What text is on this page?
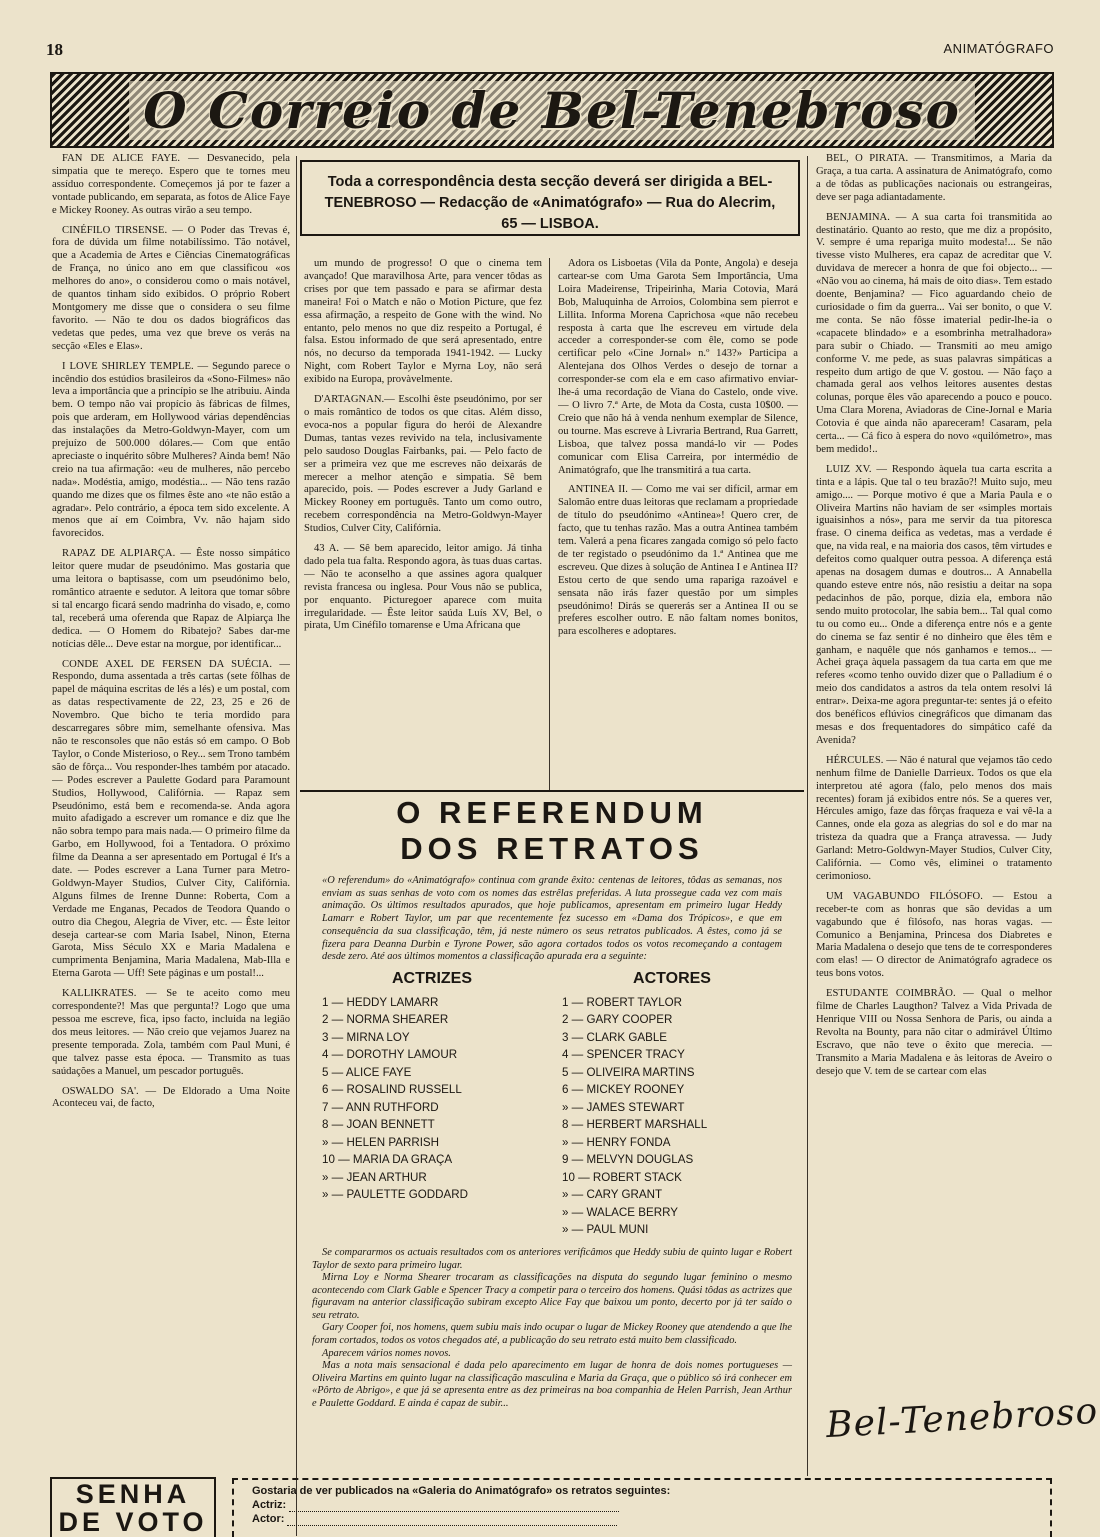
18	ANIMATÓGRAFO
O Correio de Bel-Tenebroso
Toda a correspondência desta secção deverá ser dirigida a BEL-TENEBROSO — Redacção de «Animatógrafo» — Rua do Alecrim, 65 — LISBOA.

FAN DE ALICE FAYE. — Desvanecido, pela simpatia que te mereço. Espero que te tornes meu assíduo correspondente. Começemos já por te fazer a vontade publicando, em separata, as fotos de Alice Faye e Mickey Rooney. As outras virão a seu tempo.

CINÉFILO TIRSENSE. — O Poder das Trevas é, fora de dúvida um filme notabilíssimo. Tão notável, que a Academia de Artes e Ciências Cinematográficas de França, no único ano em que classificou «os melhores do ano», o considerou como o mais notável, de quantos tinham sido exibidos. O próprio Robert Montgomery me disse que o considera o seu filme favorito. — Não te dou os dados biográficos das vedetas que pedes, uma vez que breve os verás na secção «Eles e Elas».

I LOVE SHIRLEY TEMPLE. — Segundo parece o incêndio dos estúdios brasileiros da «Sono-Filmes» não leva a importância que a princípio se lhe atribuiu. Ainda bem. O tempo não vai propício às fábricas de filmes, pois que arderam, em Hollywood várias dependências das instalações da Metro-Goldwyn-Mayer, com um prejuízo de 500.000 dólares.— Com que então apreciaste o inquérito sôbre Mulheres? Ainda bem! Não creio na tua afirmação: «eu de mulheres, não percebo nada». Modéstia, amigo, modéstia... — Não tens razão quando me dizes que os filmes êste ano «te não estão a agradar». Pelo contrário, a época tem sido excelente. A menos que aí em Coimbra, Vv. não hajam sido favorecidos.

RAPAZ DE ALPIARÇA. — Êste nosso simpático leitor quere mudar de pseudónimo. Mas gostaria que uma leitora o baptisasse, com um pseudónimo belo, romântico atraente e sedutor. A leitora que tomar sôbre si tal encargo ficará sendo madrinha do visado, e, como tal, receberá uma oferenda que Rapaz de Alpiarça lhe dedica. — O Homem do Ribatejo? Sabes dar-me notícias dêle... Deve estar na morgue, por identificar...

CONDE AXEL DE FERSEN DA SUÉCIA. — Respondo, duma assentada a três cartas (sete fôlhas de papel de máquina escritas de lés a lés) e um postal, com as datas respectivamente de 22, 23, 25 e 26 de Novembro. Que bicho te teria mordido para descarregares sôbre mim, semelhante ofensiva. Mas não te resconsoles que não estás só em campo. O Bob Taylor, o Conde Misterioso, o Rey... sem Trono também são de fôrça... Vou responder-lhes também por atacado. — Podes escrever a Paulette Godard para Paramount Studios, Hollywood, Califórnia. — Rapaz sem Pseudónimo, está bem e recomenda-se. Anda agora muito afadigado a escrever um romance e diz que lhe não sobra tempo para mais nada.— O primeiro filme da Garbo, em Hollywood, foi a Tentadora. O próximo filme da Deanna a ser apresentado em Portugal é It's a date. — Podes escrever a Lana Turner para Metro-Goldwyn-Mayer Studios, Culver City, Califórnia. Alguns filmes de Irenne Dunne: Roberta, Com a Verdade me Enganas, Pecados de Teodora Quando o outro dia Chegou, Alegria de Viver, etc. — Êste leitor deseja cartear-se com Maria Isabel, Ninon, Eterna Garota, Miss Século XX e Maria Madalena e cumprimenta Benjamina, Maria Madalena, Mab-Illa e Eterna Garota — Uff! Sete páginas e um postal!...

KALLIKRATES. — Se te aceito como meu correspondente?! Mas que pergunta!? Logo que uma pessoa me escreve, fica, ipso facto, incluida na legião dos meus leitores. — Não creio que vejamos Juarez na presente temporada. Zola, também com Paul Muni, é que talvez passe esta época. — Transmito as tuas saúdações a Manuel, um pescador português.

OSWALDO SA'. — De Eldorado a Uma Noite Aconteceu vai, de facto,

um mundo de progresso! O que o cinema tem avançado! Que maravilhosa Arte, para vencer tôdas as crises por que tem passado e para se afirmar desta maneira! Foi o Match e não o Motion Picture, que fez essa afirmação, a respeito de Gone with the wind. No entanto, pelo menos no que diz respeito a Portugal, é falsa. Estou informado de que será apresentado, entre nós, no decurso da temporada 1941-1942. — Lucky Night, com Robert Taylor e Myrna Loy, não será exibido na Europa, provàvelmente.

D'ARTAGNAN.— Escolhi êste pseudónimo, por ser o mais romântico de todos os que citas. Além disso, evoca-nos a popular figura do herói de Alexandre Dumas, tantas vezes revivido na tela, inclusivamente pelo saudoso Douglas Fairbanks, pai. — Pelo facto de ser a primeira vez que me escreves não deixarás de merecer a melhor atenção e simpatia. Sê bem aparecido, pois. — Podes escrever a Judy Garland e Mickey Rooney em português. Tanto um como outro, recebem correspondência na Metro-Goldwyn-Mayer Studios, Culver City, Califórnia.

43 A. — Sê bem aparecido, leitor amigo. Já tinha dado pela tua falta. Respondo agora, às tuas duas cartas. — Não te aconselho a que assines agora qualquer revista francesa ou inglesa. Pour Vous não se publica, por enquanto. Picturegoer aparece com muita irregularidade. — Êste leitor saúda Luís XV, Bel, o pirata, Um Cinéfilo tomarense e Uma Africana que

Adora os Lisboetas (Vila da Ponte, Angola) e deseja cartear-se com Uma Garota Sem Importância, Uma Loira Madeirense, Tripeirinha, Maria Cotovia, Mará Bob, Maluquinha de Arroios, Colombina sem pierrot e Lillita. Informa Morena Caprichosa «que não recebeu resposta à carta que lhe escreveu em virtude dela acceder a corresponder-se com êle, como se pode certificar pelo «Cine Jornal» n.º 143?» Participa a Alentejana dos Olhos Verdes o desejo de tornar a corresponder-se com ela e em caso afirmativo enviar-lhe-á uma recordação de Viana do Castelo, onde vive. — O livro 7.ª Arte, de Mota da Costa, custa 10$00. — Creio que não há à venda nenhum exemplar de Silence, ou tourne. Mas escreve à Livraria Bertrand, Rua Garrett, Lisboa, que talvez possa mandá-lo vir — Podes comunicar com Elisa Carreira, por intermédio de Animatógrafo, que lhe transmitirá a tua carta.

ANTINEA II. — Como me vai ser difícil, armar em Salomão entre duas leitoras que reclamam a propriedade de título do pseudónimo «Antinea»! Quero crer, de facto, que tu tenhas razão. Mas a outra Antinea também tem. Valerá a pena ficares zangada comigo só pelo facto de ter registado o pseudónimo da 1.ª Antinea que me escreveu. Que dizes à solução de Antinea I e Antinea II? Estou certo de que sendo uma rapariga razoável e sensata não irás fazer questão por um simples pseudónimo! Dirás se quererás ser a Antinea II ou se preferes escolher outro. E não faltam nomes bonitos, para escolheres e adoptares.

BEL, O PIRATA. — Transmitimos, a Maria da Graça, a tua carta. A assinatura de Animatógrafo, como a de tôdas as publicações nacionais ou estrangeiras, deve ser paga adiantadamente.

BENJAMINA. — A sua carta foi transmitida ao destinatário. Quanto ao resto, que me diz a propósito, V. sempre é uma repariga muito modesta!... Se não tivesse visto Mulheres, era capaz de acreditar que V. duvidava de merecer a honra de que foi objecto... — «Não vou ao cinema, há mais de oito dias». Tem estado doente, Benjamina? — Fico aguardando cheio de curiosidade o fim da guerra... Vai ser bonito, o que V. me conta. Se não fôsse imaterial pedir-lhe-ia o «capacete blindado» e a esombrinha metralhadora» para subir o Chiado. — Transmiti ao meu amigo conforme V. me pede, as suas palavras simpáticas a respeito dum artigo de que V. gostou. — Não faço a chamada geral aos velhos leitores ausentes destas colunas, porque êles vão aparecendo a pouco e pouco. Uma Clara Morena, Aviadoras de Cine-Jornal e Maria Cotovia é que ainda não apareceram! Casaram, pela certa... — Cá fico à espera do novo «quilómetro», mas bem medido!..

LUIZ XV. — Respondo àquela tua carta escrita a tinta e a lápis. Que tal o teu brazão?! Muito sujo, meu amigo.... — Porque motivo é que a Maria Paula e o Oliveira Martins não haviam de ser «simples mortais iguaisinhos a nós», para me servir da tua pitoresca frase. O cinema deifica as vedetas, mas a verdade é que, na vida real, e na maioria dos casos, têm virtudes e defeitos como qualquer outra pessoa. A diferença está apenas na dosagem dumas e doutros... A Annabella quando esteve entre nós, não resistiu a deitar na sopa pedacinhos de pão, porque, dizia ela, embora não sendo muito protocolar, lhe sabia bem... Tal qual como tu ou como eu... Onde a diferença entre nós e a gente do cinema se faz sentir é no dinheiro que êles têm e ganham, e naquêle que nós ganhamos e temos... — Achei graça àquela passagem da tua carta em que me referes «como tenho ouvido dizer que o Palladium é o meio dos candidatos a astros da tela ontem resolvi lá entrar». Deixa-me agora preguntar-te: sentes já o efeito dos benéficos eflúvios cinegráficos que dimanam das mesas e dos frequentadores do simpático café da Avenida?

HÉRCULES. — Não é natural que vejamos tão cedo nenhum filme de Danielle Darrieux. Todos os que ela interpretou até agora (falo, pelo menos dos mais recentes) foram já exibidos entre nós. Se a queres ver, Hércules amigo, faze das fôrças fraqueza e vai vê-la a Cannes, onde ela goza as alegrias do sol e do mar na tristeza da quadra que a França atravessa. — Judy Garland: Metro-Goldwyn-Mayer Studios, Culver City, Califórnia. — Como vês, eliminei o tratamento cerimonioso.

UM VAGABUNDO FILÓSOFO. — Estou a receber-te com as honras que são devidas a um vagabundo que é filósofo, nas horas vagas. — Comunico a Benjamina, Princesa dos Diabretes e Maria Madalena o desejo que tens de te corresponderes com elas! — O director de Animatógrafo agradece os teus bons votos.

ESTUDANTE COIMBRÃO. — Qual o melhor filme de Charles Laugthon? Talvez a Vida Privada de Henrique VIII ou Nossa Senhora de Paris, ou ainda a Revolta na Bounty, para não citar o admirável Último Escravo, que não teve o êxito que merecia. — Transmito a Maria Madalena e às leitoras de Aveiro o desejo que V. tem de se cartear com elas

Bel-Tenebroso
O REFERENDUM
DOS RETRATOS
«O referendum» do «Animatógrafo» continua com grande êxito: centenas de leitores, tôdas as semanas, nos enviam as suas senhas de voto com os nomes das estrêlas preferidas. A luta prossegue cada vez com mais animação. Os últimos resultados apurados, que hoje publicamos, apresentam em primeiro lugar Heddy Lamarr e Robert Taylor, um par que recentemente fez sucesso em «Dama dos Trópicos», e que em consequência da sua classificação, têm, já neste número os seus retratos publicados. A êstes, como já se fizera para Deanna Durbin e Tyrone Power, são agora cortados todos os votos recomeçando a contagem desde zero. Até aos últimos momentos a classificação apurada era a seguinte:
ACTRIZES
1 — HEDDY LAMARR
2 — NORMA SHEARER
3 — MIRNA LOY
4 — DOROTHY LAMOUR
5 — ALICE FAYE
6 — ROSALIND RUSSELL
7 — ANN RUTHFORD
8 — JOAN BENNETT
» — HELEN PARRISH
10 — MARIA DA GRAÇA
» — JEAN ARTHUR
» — PAULETTE GODDARD
ACTORES
1 — ROBERT TAYLOR
2 — GARY COOPER
3 — CLARK GABLE
4 — SPENCER TRACY
5 — OLIVEIRA MARTINS
6 — MICKEY ROONEY
» — JAMES STEWART
8 — HERBERT MARSHALL
» — HENRY FONDA
9 — MELVYN DOUGLAS
10 — ROBERT STACK
» — CARY GRANT
» — WALACE BERRY
» — PAUL MUNI

Se compararmos os actuais resultados com os anteriores verificâmos que Heddy subiu de quinto lugar e Robert Taylor de sexto para primeiro lugar.

Mirna Loy e Norma Shearer trocaram as classificações na disputa do segundo lugar feminino o mesmo acontecendo com Clark Gable e Spencer Tracy a competir para o terceiro dos homens. Quási tôdas as actrizes que figuravam na anterior classificação subiram excepto Alice Fay que baixou um ponto, decerto por já ter saído o seu retrato.

Gary Cooper foi, nos homens, quem subiu mais indo ocupar o lugar de Mickey Rooney que atendendo a que lhe foram cortados, todos os votos chegados até, a publicação do seu retrato está muito bem classificado.

Aparecem vários nomes novos.

Mas a nota mais sensacional é dada pelo aparecimento em lugar de honra de dois nomes portugueses — Oliveira Martins em quinto lugar na classificação masculina e Maria da Graça, que o público só irá conhecer em «Pôrto de Abrigo», e que já se apresenta entre as dez primeiras na boa companhia de Helen Parrish, Jean Arthur e Paulette Goddard. E ainda é capaz de subir...

SENHA
DE VOTO
Gostaria de ver publicados na «Galeria do Animatógrafo» os retratos seguintes:
Actriz:
Actor:
